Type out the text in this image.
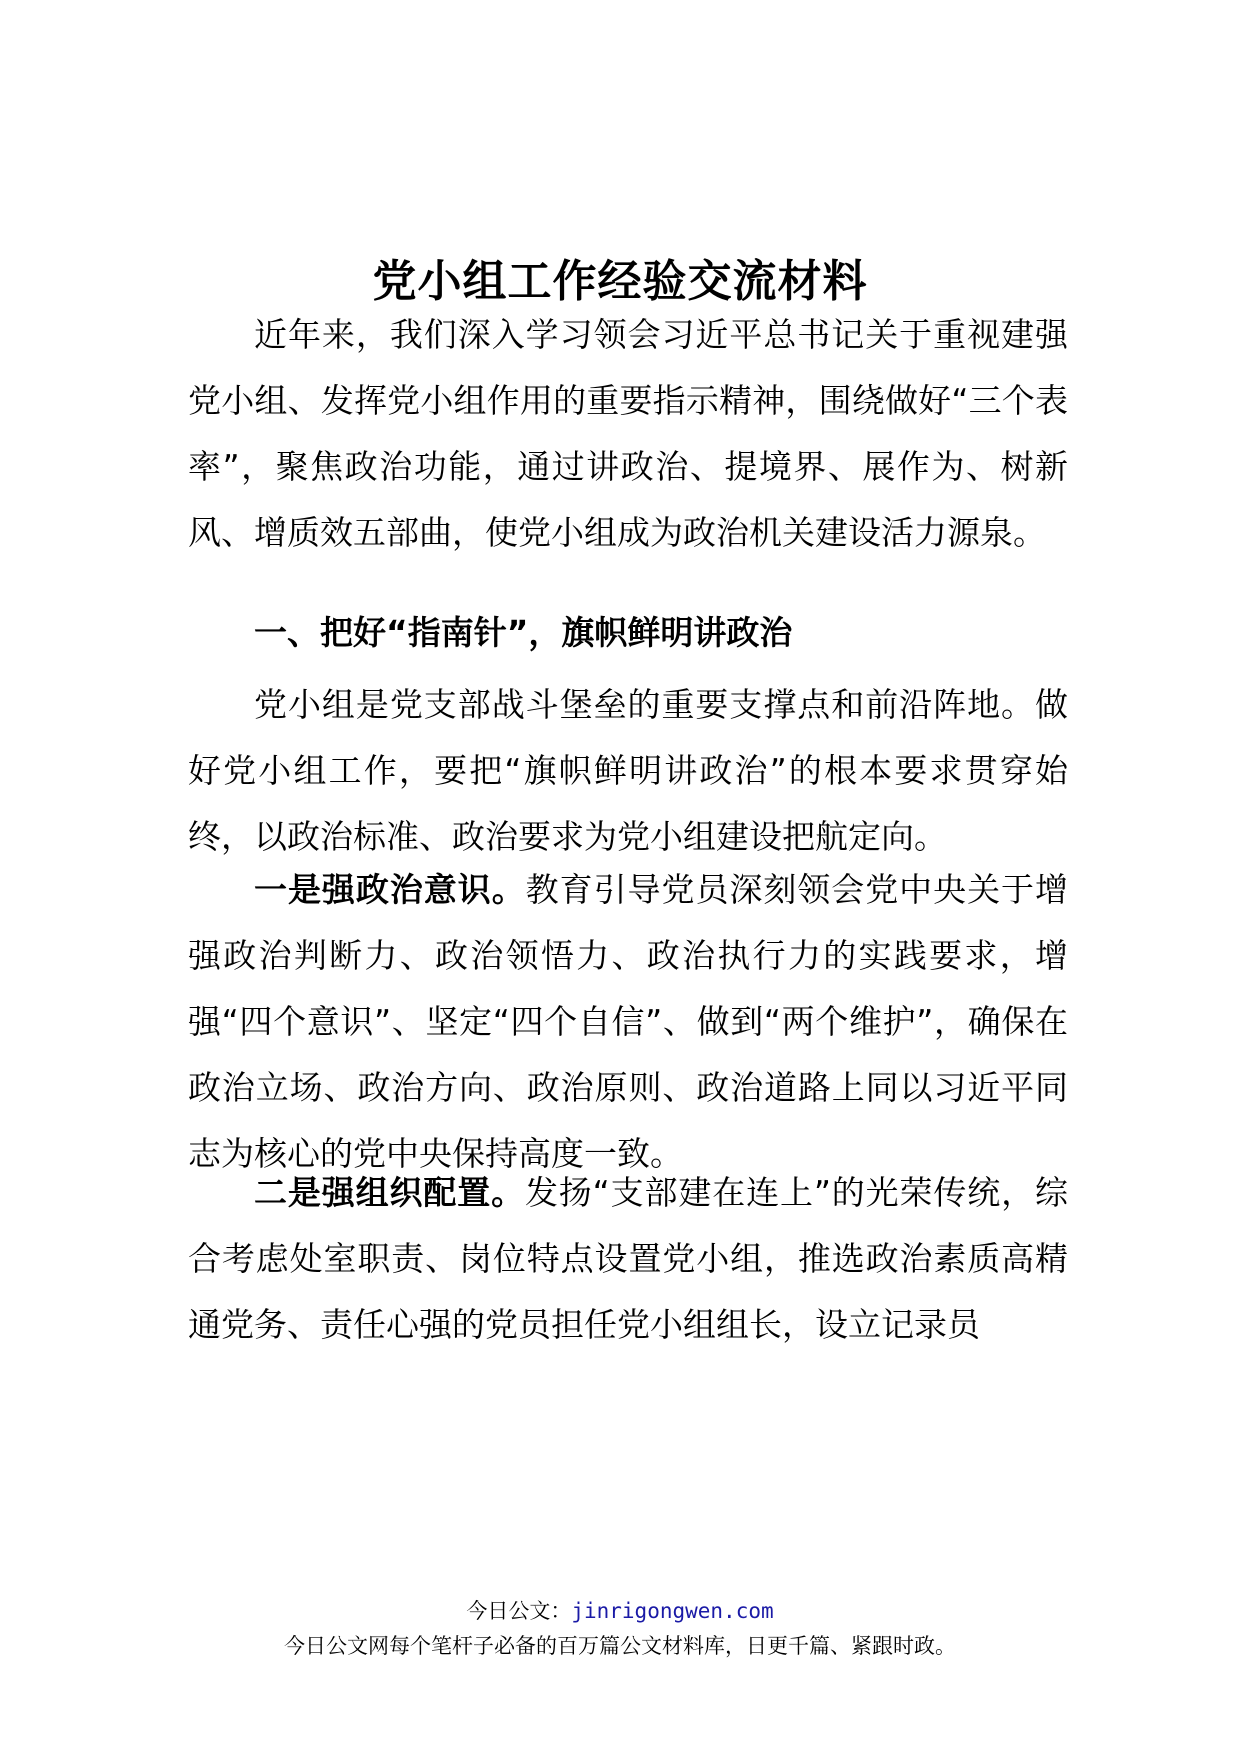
党小组工作经验交流材料

近年来，我们深入学习领会习近平总书记关于重视建强党小组、发挥党小组作用的重要指示精神，围绕做好“三个表率”，聚焦政治功能，通过讲政治、提境界、展作为、树新风、增质效五部曲，使党小组成为政治机关建设活力源泉。

一、把好“指南针”，旗帜鲜明讲政治

党小组是党支部战斗堡垒的重要支撑点和前沿阵地。做好党小组工作，要把“旗帜鲜明讲政治”的根本要求贯穿始终，以政治标准、政治要求为党小组建设把航定向。

一是强政治意识。教育引导党员深刻领会党中央关于增强政治判断力、政治领悟力、政治执行力的实践要求，增强“四个意识”、坚定“四个自信”、做到“两个维护”，确保在政治立场、政治方向、政治原则、政治道路上同以习近平同志为核心的党中央保持高度一致。

二是强组织配置。发扬“支部建在连上”的光荣传统，综合考虑处室职责、岗位特点设置党小组，推选政治素质高精通党务、责任心强的党员担任党小组组长，设立记录员

今日公文：jinrigongwen.com
今日公文网每个笔杆子必备的百万篇公文材料库，日更千篇、紧跟时政。
